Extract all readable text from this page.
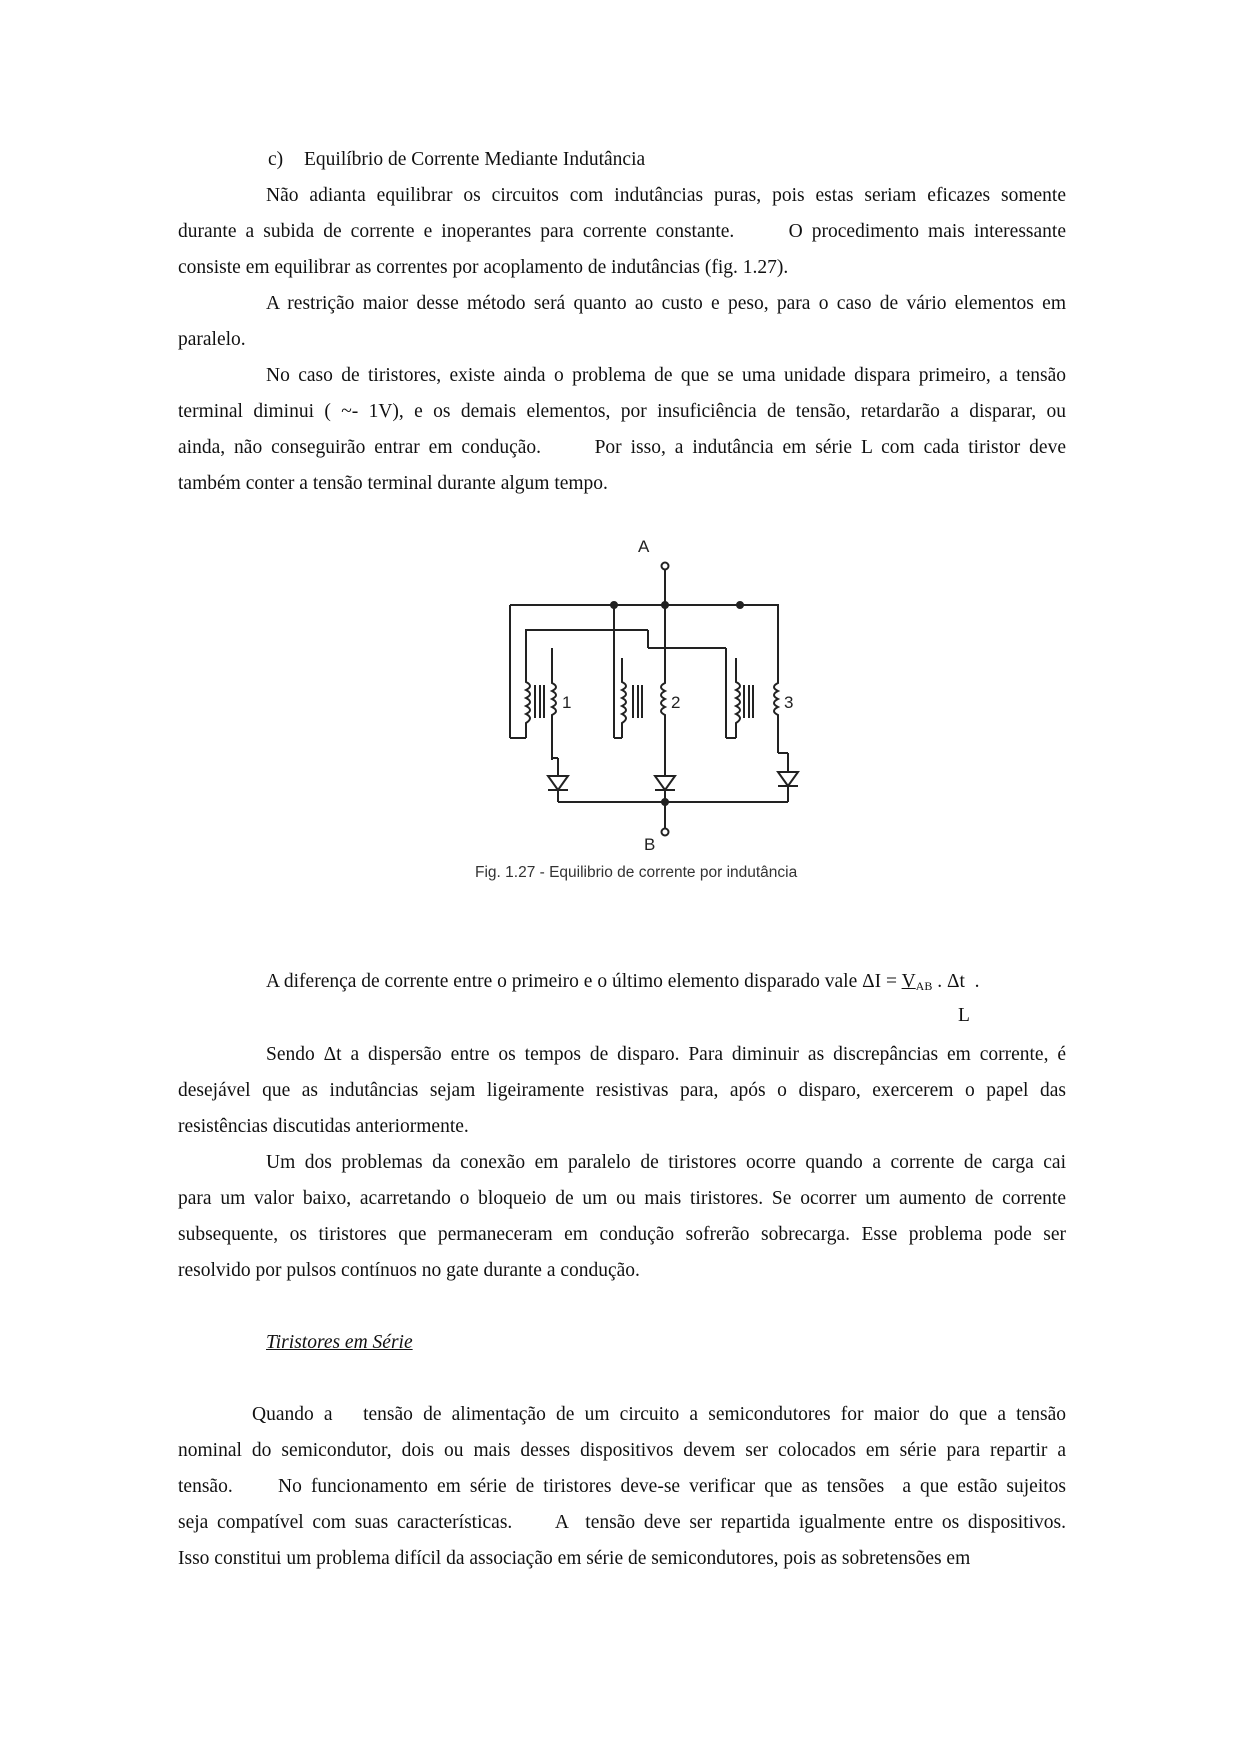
c) Equilíbrio de Corrente Mediante Indutância
Não adianta equilibrar os circuitos com indutâncias puras, pois estas seriam eficazes somente
durante a subida de corrente e inoperantes para corrente constante.      O procedimento mais interessante
consiste em equilibrar as correntes por acoplamento de indutâncias (fig. 1.27).
A restrição maior desse método será quanto ao custo e peso, para o caso de vário elementos em
paralelo.
No caso de tiristores, existe ainda o problema de que se uma unidade dispara primeiro, a tensão
terminal diminui ( ~- 1V), e os demais elementos, por insuficiência de tensão, retardarão a disparar, ou
ainda, não conseguirão entrar em condução.      Por isso, a indutância em série L com cada tiristor deve
também conter a tensão terminal durante algum tempo.
A
1	2	3
B
Fig. 1.27 - Equilibrio de corrente por indutância
A diferença de corrente entre o primeiro e o último elemento disparado vale $\Delta I = V_{AB}$ . Δt  .
L
Sendo Δt a dispersão entre os tempos de disparo. Para diminuir as discrepâncias em corrente, é
desejável que as indutâncias sejam ligeiramente resistivas para, após o disparo, exercerem o papel das
resistências discutidas anteriormente.
Um dos problemas da conexão em paralelo de tiristores ocorre quando a corrente de carga cai
para um valor baixo, acarretando o bloqueio de um ou mais tiristores. Se ocorrer um aumento de corrente
subsequente, os tiristores que permaneceram em condução sofrerão sobrecarga. Esse problema pode ser
resolvido por pulsos contínuos no gate durante a condução.
Tiristores em Série
Quando a   tensão de alimentação de um circuito a semicondutores for maior do que a tensão
nominal do semicondutor, dois ou mais desses dispositivos devem ser colocados em série para repartir a
tensão.     No funcionamento em série de tiristores deve-se verificar que as tensões  a que estão sujeitos
seja compatível com suas características.     A  tensão deve ser repartida igualmente entre os dispositivos.
Isso constitui um problema difícil da associação em série de semicondutores, pois as sobretensões em
